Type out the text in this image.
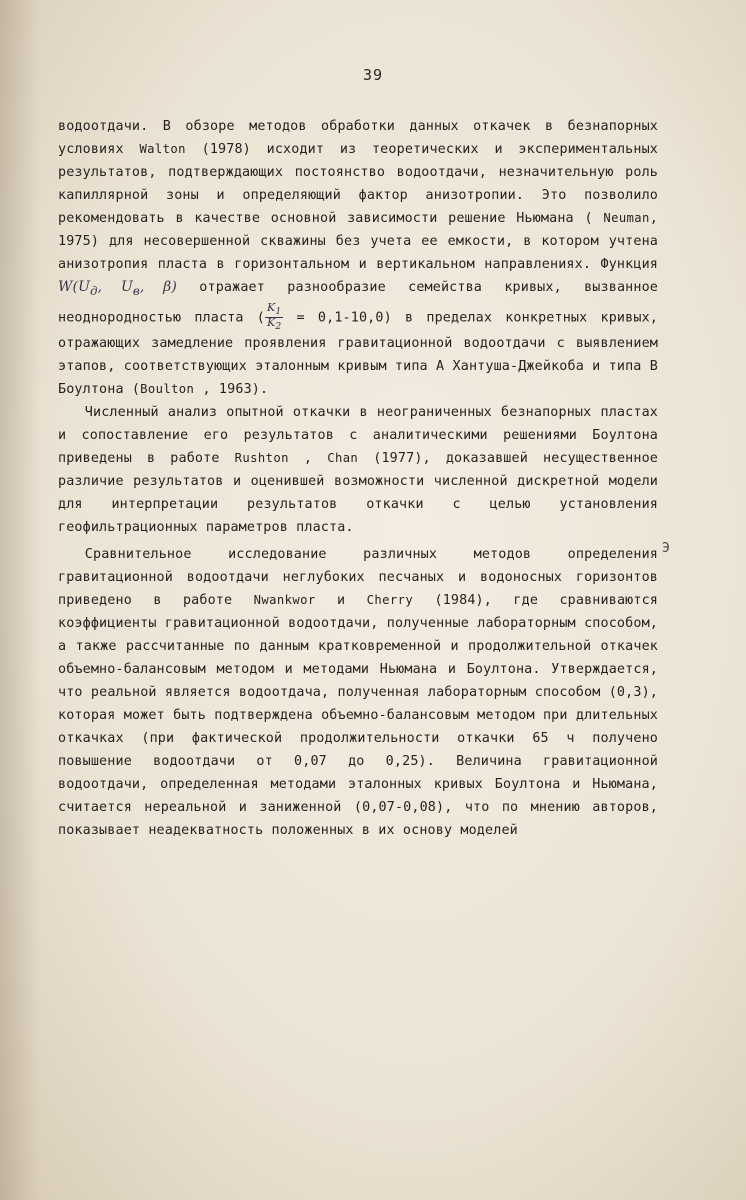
39
Э

водоотдачи. В обзоре методов обработки данных откачек в безнапорных условиях Walton (1978) исходит из теоретических и экспериментальных результатов, подтверждающих постоянство водоотдачи, незначительную роль капиллярной зоны и определяющий фактор анизотропии. Это позволило рекомендовать в качестве основной зависимости решение Ньюмана ( Neuman, 1975) для несовершенной скважины без учета ее емкости, в котором учтена анизотропия пласта в горизонтальном и вертикальном направлениях. Функция $W(U_д$, $U_в$, β) отражает разнообразие семейства кривых, вызванное неоднородностью пласта ( $\frac{K_1}{K_2} = 0,1-10,0$) в пределах конкретных кривых, отражающих замедление проявления гравитационной водоотдачи с выявлением этапов, соответствующих эталонным кривым типа А Хантуша-Джейкоба и типа В Боултона (Boulton , 1963).

Численный анализ опытной откачки в неограниченных безнапорных пластах и сопоставление его результатов с аналитическими решениями Боултона приведены в работе Rushton , Chan (1977), доказавшей несущественное различие результатов и оценившей возможности численной дискретной модели для интерпретации результатов откачки с целью установления геофильтрационных параметров пласта.

Сравнительное исследование различных методов определения гравитационной водоотдачи неглубоких песчаных и водоносных горизонтов приведено в работе Nwankwor и Cherry (1984), где сравниваются коэффициенты гравитационной водоотдачи, полученные лабораторным способом, а также рассчитанные по данным кратковременной и продолжительной откачек объемно-балансовым методом и методами Ньюмана и Боултона. Утверждается, что реальной является водоотдача, полученная лабораторным способом (0,3), которая может быть подтверждена объемно-балансовым методом при длительных откачках (при фактической продолжительности откачки 65 ч получено повышение водоотдачи от 0,07 до 0,25). Величина гравитационной водоотдачи, определенная методами эталонных кривых Боултона и Ньюмана, считается нереальной и заниженной (0,07-0,08), что по мнению авторов, показывает неадекватность положенных в их основу моделей
